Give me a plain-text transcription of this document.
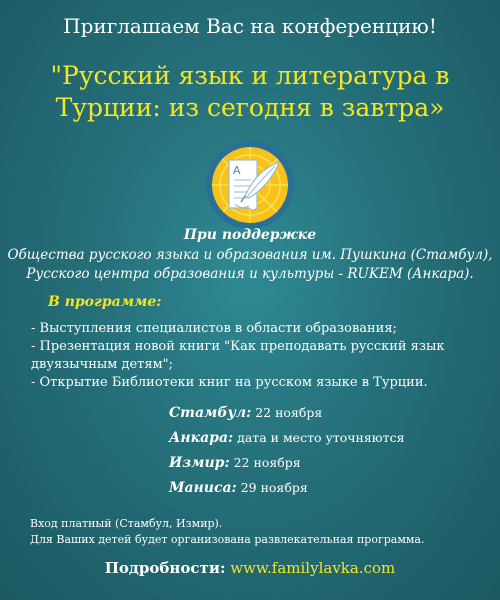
Приглашаем Вас на конференцию!
"Русский язык и литература в
Турции: из сегодня в завтра»
A
При поддержке
Общества русского языка и образования им. Пушкина (Стамбул),
Русского центра образования и культуры - RUKEM (Анкара).
В программе:
- Выступления специалистов в области образования;
- Презентация новой книги "Как преподавать русский язык двуязычным детям";
- Открытие Библиотеки книг на русском языке в Турции.
Стамбул: 22 ноября
Анкара: дата и место уточняются
Измир: 22 ноября
Маниса: 29 ноября
Вход платный (Стамбул, Измир).
Для Ваших детей будет организована развлекательная программа.
Подробности: www.familylavka.com
